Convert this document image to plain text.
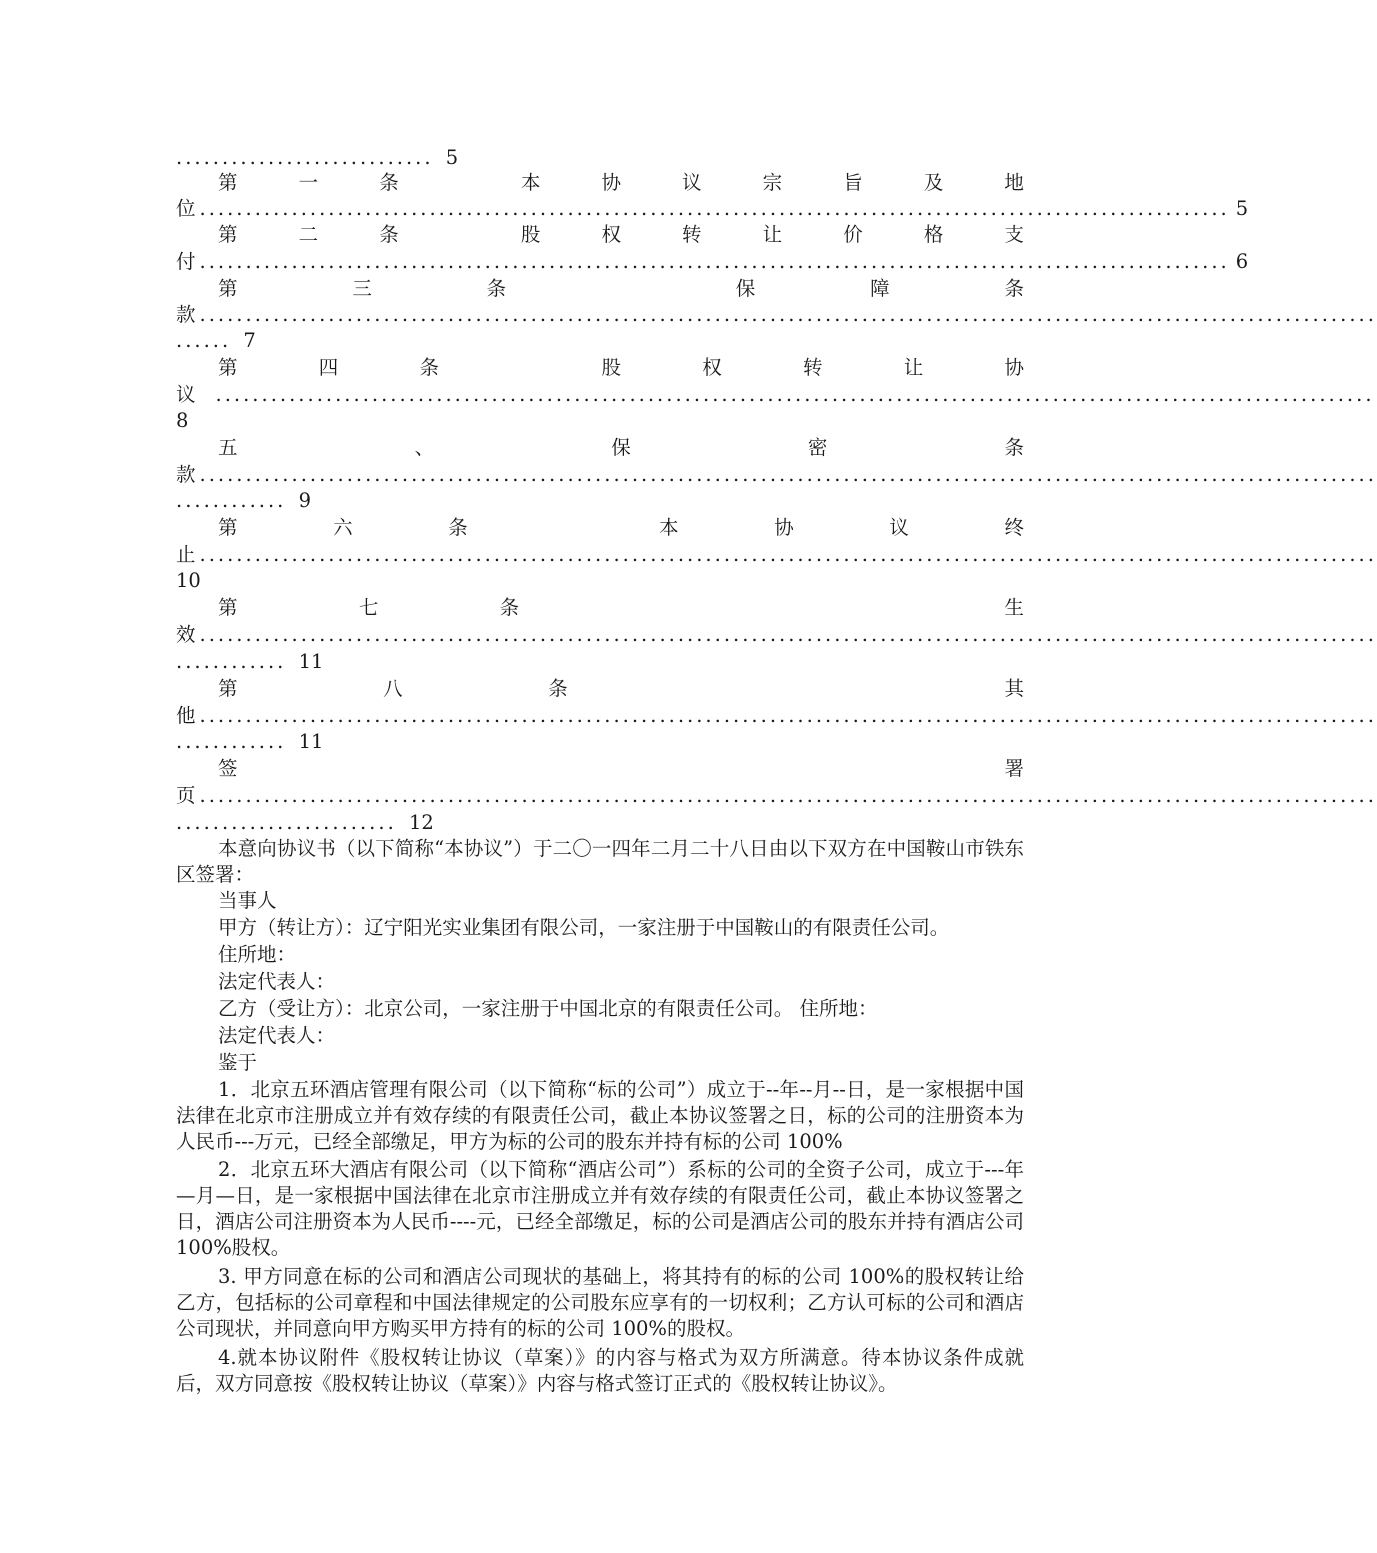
............................ 5
第	一	条	本	协	议	宗	旨	及	地
位 ................................................................................................................ 5
第	二	条	股	权	转	让	价	格	支
付 ................................................................................................................ 6
第	三	条	保	障	条
款 ................................................................................................................................
...... 7
第	四	条	股	权	转	让	协
议 ..............................................................................................................................
8
五	、	保	密	条
款 ................................................................................................................................
............ 9
第	六	条	本	协	议	终
止 ................................................................................................................................
10
第	七	条	生
效 ................................................................................................................................
............ 11
第	八	条	其
他 ................................................................................................................................
............ 11
签	署
页 ................................................................................................................................
........................ 12
本意向协议书（以下简称“本协议”）于二〇一四年二月二十八日由以下双方在中国鞍山市铁东区签署：
当事人
甲方（转让方）：辽宁阳光实业集团有限公司，一家注册于中国鞍山的有限责任公司。
住所地：
法定代表人：
乙方（受让方）：北京公司，一家注册于中国北京的有限责任公司。 住所地：
法定代表人：
鉴于
1．北京五环酒店管理有限公司（以下简称“标的公司”）成立于--年--月--日，是一家根据中国法律在北京市注册成立并有效存续的有限责任公司，截止本协议签署之日，标的公司的注册资本为人民币---万元，已经全部缴足，甲方为标的公司的股东并持有标的公司 100%
2．北京五环大酒店有限公司（以下简称“酒店公司”）系标的公司的全资子公司，成立于---年—月—日，是一家根据中国法律在北京市注册成立并有效存续的有限责任公司，截止本协议签署之日，酒店公司注册资本为人民币----元，已经全部缴足，标的公司是酒店公司的股东并持有酒店公司 100%股权。
3. 甲方同意在标的公司和酒店公司现状的基础上，将其持有的标的公司 100%的股权转让给乙方，包括标的公司章程和中国法律规定的公司股东应享有的一切权利；乙方认可标的公司和酒店公司现状，并同意向甲方购买甲方持有的标的公司 100%的股权。
4.就本协议附件《股权转让协议（草案）》的内容与格式为双方所满意。待本协议条件成就后，双方同意按《股权转让协议（草案）》内容与格式签订正式的《股权转让协议》。
